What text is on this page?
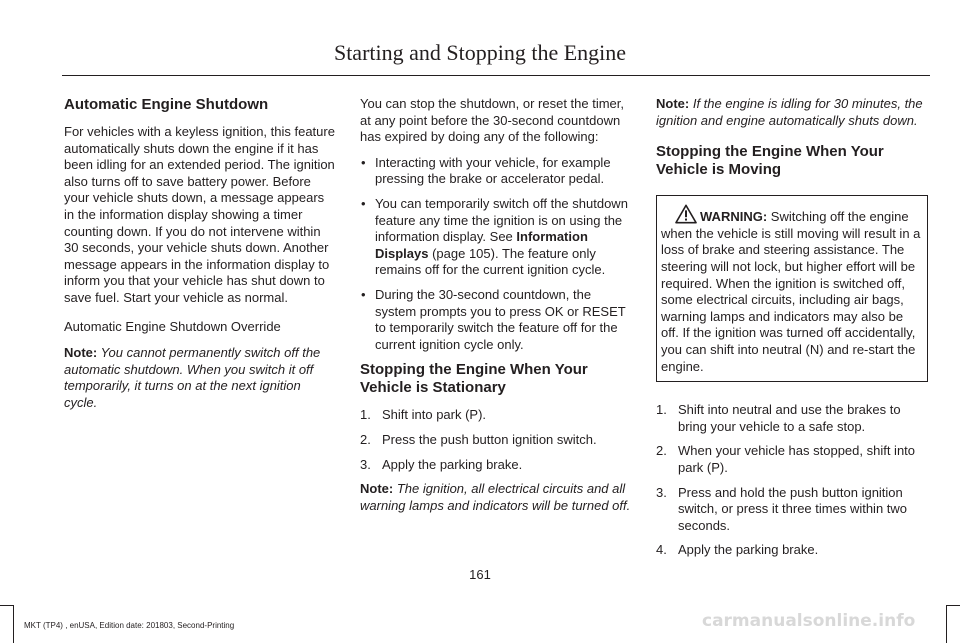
Starting and Stopping the Engine
Automatic Engine Shutdown

For vehicles with a keyless ignition, this feature automatically shuts down the engine if it has been idling for an extended period. The ignition also turns off to save battery power. Before your vehicle shuts down, a message appears in the information display showing a timer counting down. If you do not intervene within 30 seconds, your vehicle shuts down. Another message appears in the information display to inform you that your vehicle has shut down to save fuel. Start your vehicle as normal.

Automatic Engine Shutdown Override

Note: You cannot permanently switch off the automatic shutdown. When you switch it off temporarily, it turns on at the next ignition cycle.

You can stop the shutdown, or reset the timer, at any point before the 30-second countdown has expired by doing any of the following:

• Interacting with your vehicle, for example pressing the brake or accelerator pedal.
• You can temporarily switch off the shutdown feature any time the ignition is on using the information display. See Information Displays (page 105). The feature only remains off for the current ignition cycle.
• During the 30-second countdown, the system prompts you to press OK or RESET to temporarily switch the feature off for the current ignition cycle only.
Stopping the Engine When Your Vehicle is Stationary
1. Shift into park (P).
2. Press the push button ignition switch.
3. Apply the parking brake.

Note: The ignition, all electrical circuits and all warning lamps and indicators will be turned off.

Note: If the engine is idling for 30 minutes, the ignition and engine automatically shuts down.

Stopping the Engine When Your Vehicle is Moving
WARNING: Switching off the engine when the vehicle is still moving will result in a loss of brake and steering assistance. The steering will not lock, but higher effort will be required. When the ignition is switched off, some electrical circuits, including air bags, warning lamps and indicators may also be off. If the ignition was turned off accidentally, you can shift into neutral (N) and re-start the engine.
1. Shift into neutral and use the brakes to bring your vehicle to a safe stop.
2. When your vehicle has stopped, shift into park (P).
3. Press and hold the push button ignition switch, or press it three times within two seconds.
4. Apply the parking brake.
161
MKT (TP4) , enUSA, Edition date: 201803, Second-Printing	carmanualsonline.info
